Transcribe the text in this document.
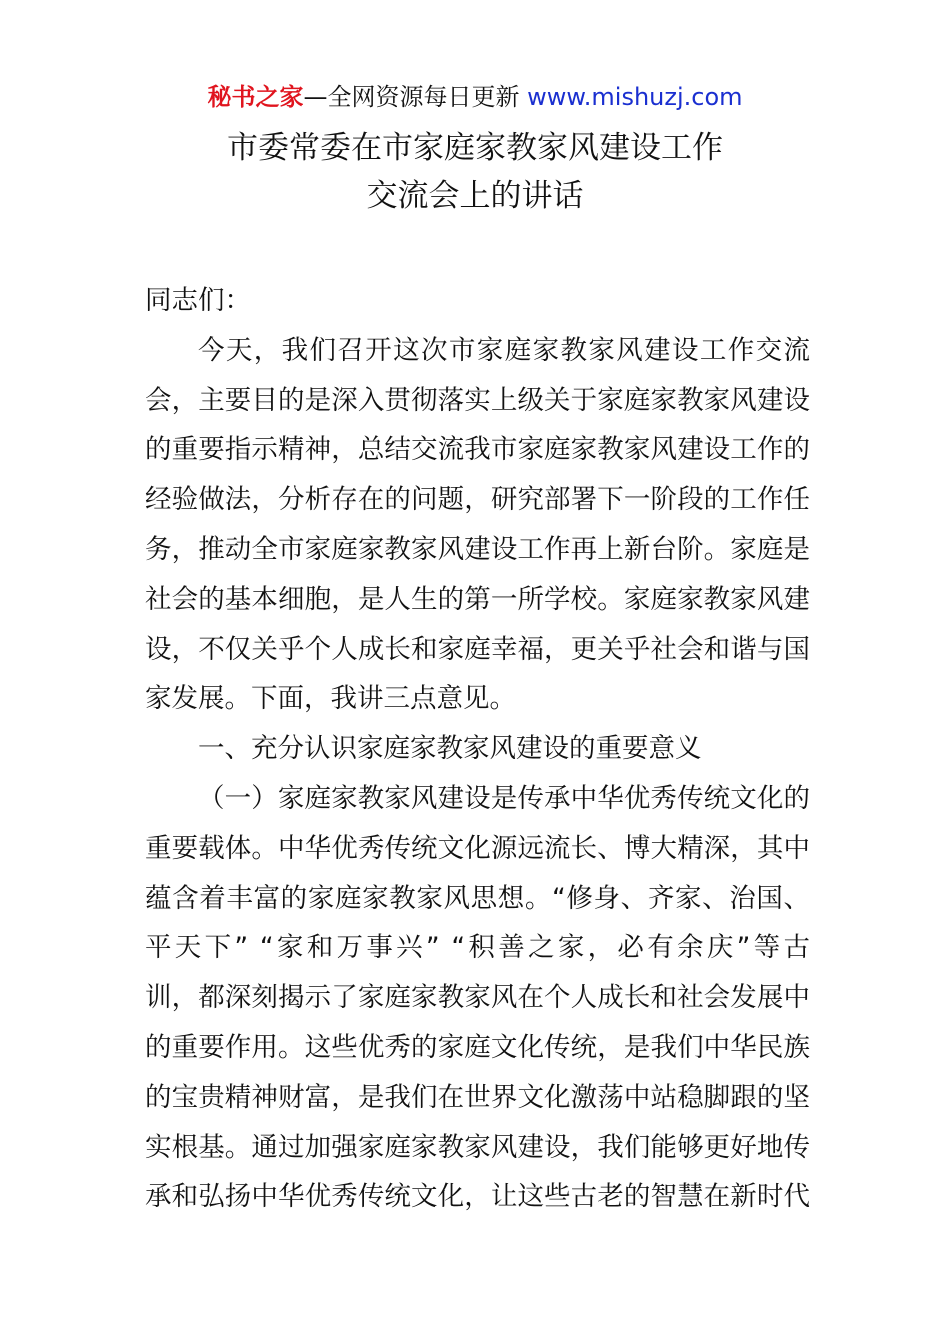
秘书之家—全网资源每日更新 www.mishuzj.com
市委常委在市家庭家教家风建设工作
交流会上的讲话
同志们：
今天，我们召开这次市家庭家教家风建设工作交流
会，主要目的是深入贯彻落实上级关于家庭家教家风建设
的重要指示精神，总结交流我市家庭家教家风建设工作的
经验做法，分析存在的问题，研究部署下一阶段的工作任
务，推动全市家庭家教家风建设工作再上新台阶。家庭是
社会的基本细胞，是人生的第一所学校。家庭家教家风建
设，不仅关乎个人成长和家庭幸福，更关乎社会和谐与国
家发展。下面，我讲三点意见。
一、充分认识家庭家教家风建设的重要意义
（一）家庭家教家风建设是传承中华优秀传统文化的
重要载体。中华优秀传统文化源远流长、博大精深，其中
蕴含着丰富的家庭家教家风思想。“修身、齐家、治国、
平天下” “家和万事兴” “积善之家，必有余庆”等古
训，都深刻揭示了家庭家教家风在个人成长和社会发展中
的重要作用。这些优秀的家庭文化传统，是我们中华民族
的宝贵精神财富，是我们在世界文化激荡中站稳脚跟的坚
实根基。通过加强家庭家教家风建设，我们能够更好地传
承和弘扬中华优秀传统文化，让这些古老的智慧在新时代
